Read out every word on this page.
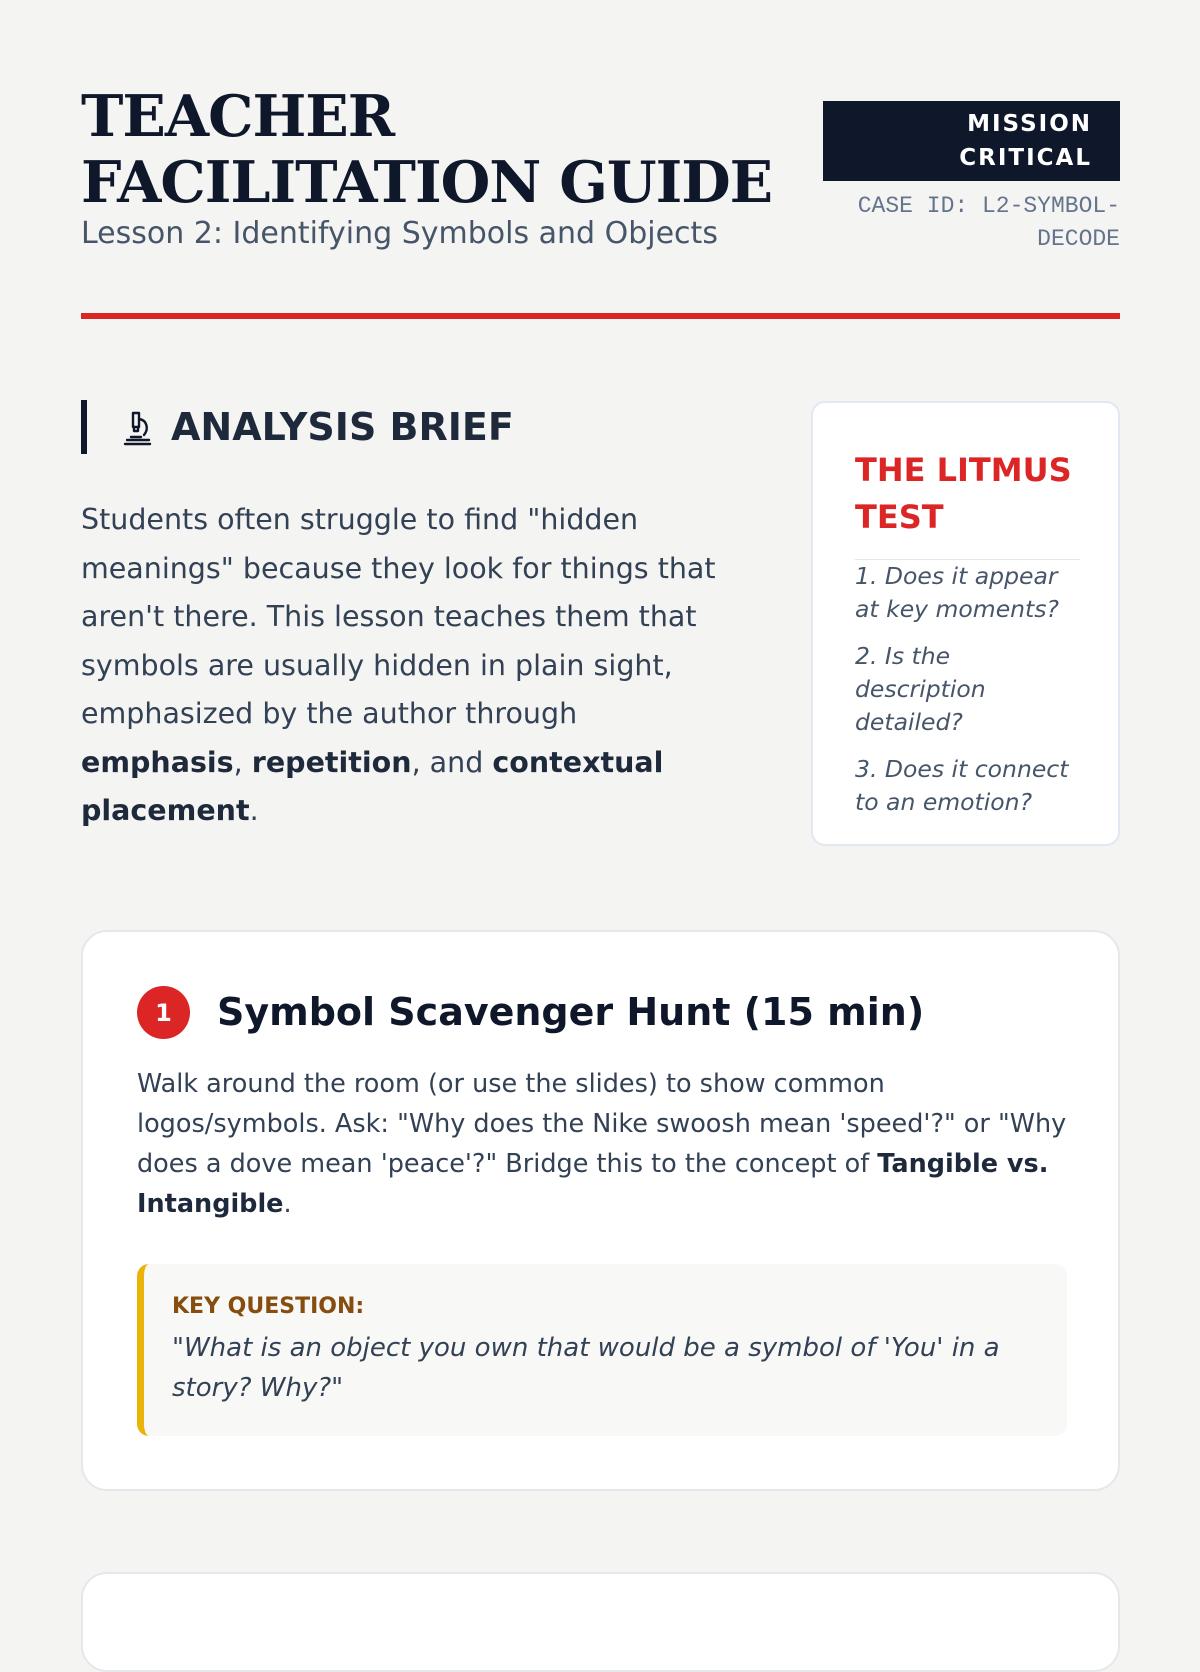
TEACHER FACILITATION GUIDE

Lesson 2: Identifying Symbols and Objects

MISSION
CRITICAL
CASE ID: L2-SYMBOL-DECODE
ANALYSIS BRIEF

Students often struggle to find "hidden meanings" because they look for things that aren't there. This lesson teaches them that symbols are usually hidden in plain sight, emphasized by the author through emphasis, repetition, and contextual placement.

THE LITMUS TEST

1. Does it appear at key moments?

2. Is the description detailed?

3. Does it connect to an emotion?

1	Symbol Scavenger Hunt (15 min)

Walk around the room (or use the slides) to show common logos/symbols. Ask: "Why does the Nike swoosh mean 'speed'?" or "Why does a dove mean 'peace'?" Bridge this to the concept of Tangible vs. Intangible.

KEY QUESTION:

"What is an object you own that would be a symbol of 'You' in a story? Why?"
